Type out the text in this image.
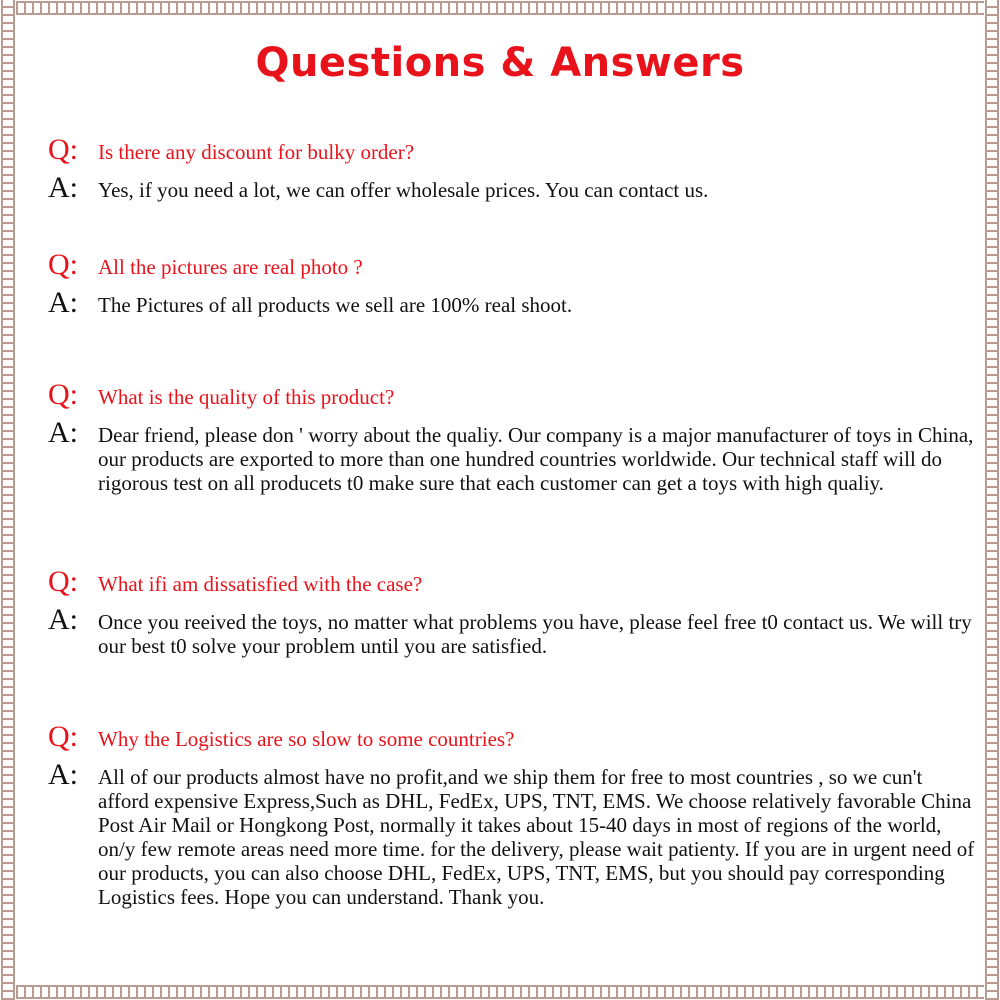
Questions & Answers
Q: Is there any discount for bulky order?
A: Yes, if you need a lot, we can offer wholesale prices. You can contact us.
Q: All the pictures are real photo ?
A: The Pictures of all products we sell are 100% real shoot.
Q: What is the quality of this product?
A: Dear friend, please don ' worry about the qualiy. Our company is a major manufacturer of toys in China, our products are exported to more than one hundred countries worldwide. Our technical staff will do rigorous test on all producets t0 make sure that each customer can get a toys with high qualiy.
Q: What ifi am dissatisfied with the case?
A: Once you reeived the toys, no matter what problems you have, please feel free t0 contact us. We will try our best t0 solve your problem until you are satisfied.
Q: Why the Logistics are so slow to some countries?
A: All of our products almost have no profit,and we ship them for free to most countries , so we cun't afford expensive Express,Such as DHL, FedEx, UPS, TNT, EMS. We choose relatively favorable China Post Air Mail or Hongkong Post, normally it takes about 15-40 days in most of regions of the world, on/y few remote areas need more time. for the delivery, please wait patienty. If you are in urgent need of our products, you can also choose DHL, FedEx, UPS, TNT, EMS, but you should pay corresponding Logistics fees. Hope you can understand. Thank you.
